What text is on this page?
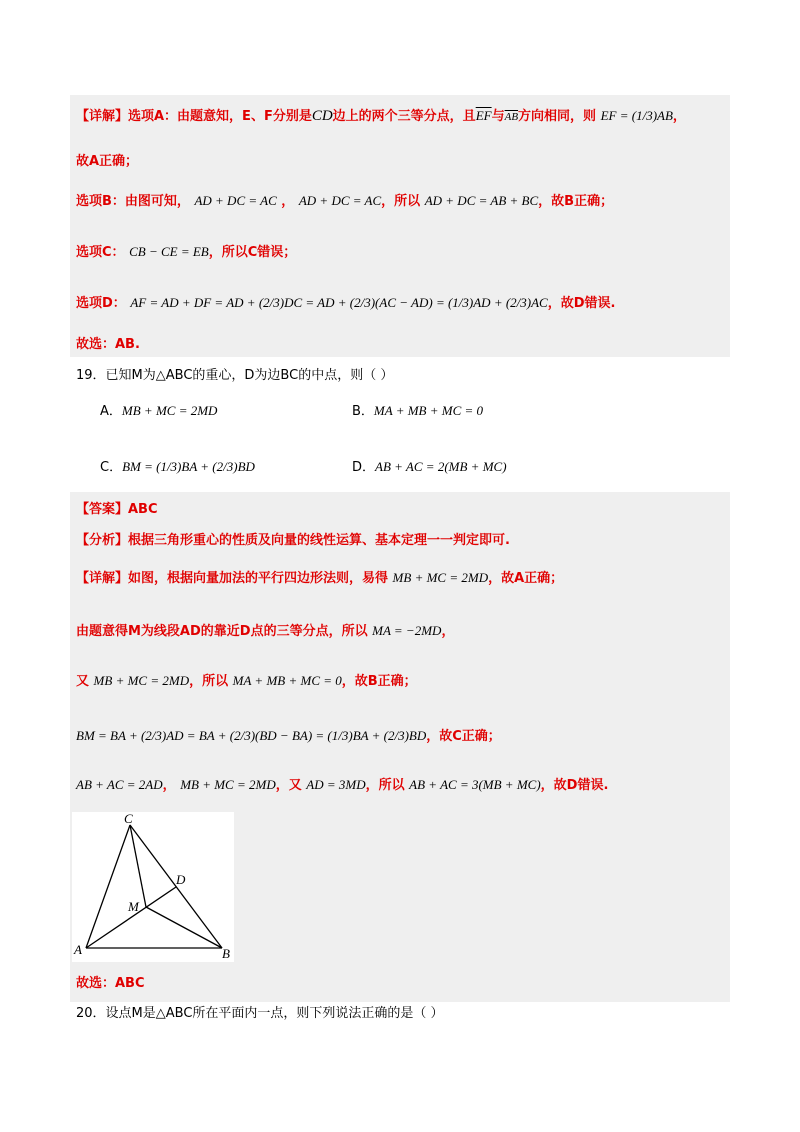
【详解】选项A：由题意知，E、F分别是CD边上的两个三等分点，且$\overline{EF}$与$\overline{AB}$方向相同，则 EF = (1/3)AB，
故A正确；
选项B：由图可知， AD + DC = AC ， AD + DC = AC，所以 AD + DC = AB + BC，故B正确；
选项C： CB − CE = EB，所以C错误；
选项D： AF = AD + DF = AD + (2/3)DC = AD + (2/3)(AC − AD) = (1/3)AD + (2/3)AC，故D错误.
故选：AB.
19．已知M为△ABC的重心，D为边BC的中点，则（ ）
A．MB + MC = 2MD	B．MA + MB + MC = 0
C．BM = (1/3)BA + (2/3)BD	D．AB + AC = 2(MB + MC)
【答案】ABC
【分析】根据三角形重心的性质及向量的线性运算、基本定理一一判定即可.
【详解】如图，根据向量加法的平行四边形法则，易得 MB + MC = 2MD，故A正确；
由题意得M为线段AD的靠近D点的三等分点，所以 MA = −2MD，
又 MB + MC = 2MD，所以 MA + MB + MC = 0，故B正确；
BM = BA + (2/3)AD = BA + (2/3)(BD − BA) = (1/3)BA + (2/3)BD，故C正确；
AB + AC = 2AD， MB + MC = 2MD，又 AD = 3MD，所以 AB + AC = 3(MB + MC)，故D错误.
C
D
M
A	B
故选：ABC
20．设点M是△ABC所在平面内一点，则下列说法正确的是（ ）
